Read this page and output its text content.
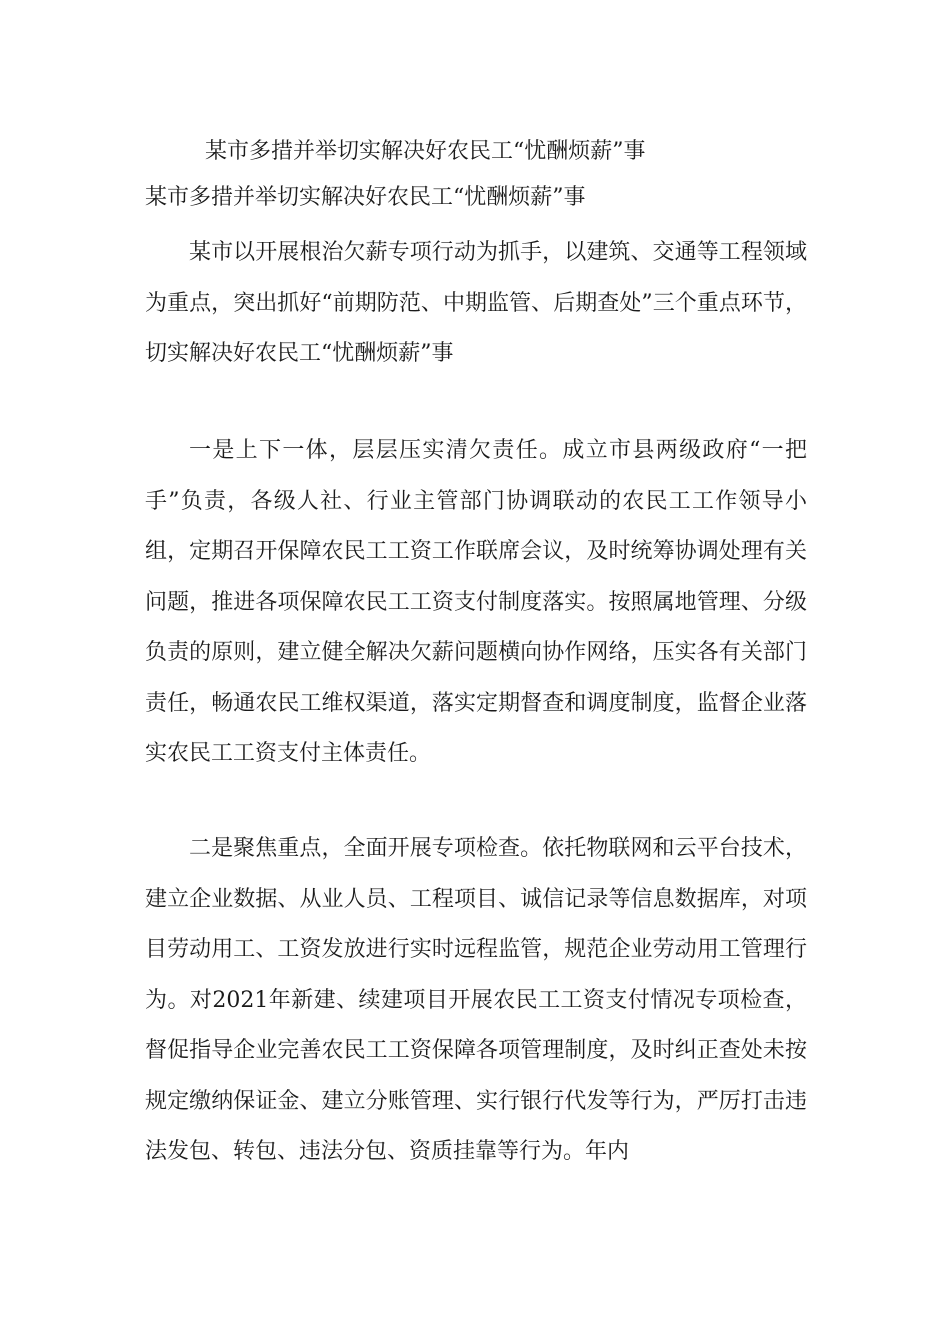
某市多措并举切实解决好农民工“忧酬烦薪”事
某市多措并举切实解决好农民工“忧酬烦薪”事

某市以开展根治欠薪专项行动为抓手，以建筑、交通等工程领域为重点，突出抓好“前期防范、中期监管、后期查处”三个重点环节，切实解决好农民工“忧酬烦薪”事

一是上下一体，层层压实清欠责任。成立市县两级政府“一把手”负责，各级人社、行业主管部门协调联动的农民工工作领导小组，定期召开保障农民工工资工作联席会议，及时统筹协调处理有关问题，推进各项保障农民工工资支付制度落实。按照属地管理、分级负责的原则，建立健全解决欠薪问题横向协作网络，压实各有关部门责任，畅通农民工维权渠道，落实定期督查和调度制度，监督企业落实农民工工资支付主体责任。

二是聚焦重点，全面开展专项检查。依托物联网和云平台技术，建立企业数据、从业人员、工程项目、诚信记录等信息数据库，对项目劳动用工、工资发放进行实时远程监管，规范企业劳动用工管理行为。对2021年新建、续建项目开展农民工工资支付情况专项检查，督促指导企业完善农民工工资保障各项管理制度，及时纠正查处未按规定缴纳保证金、建立分账管理、实行银行代发等行为，严厉打击违法发包、转包、违法分包、资质挂靠等行为。年内
